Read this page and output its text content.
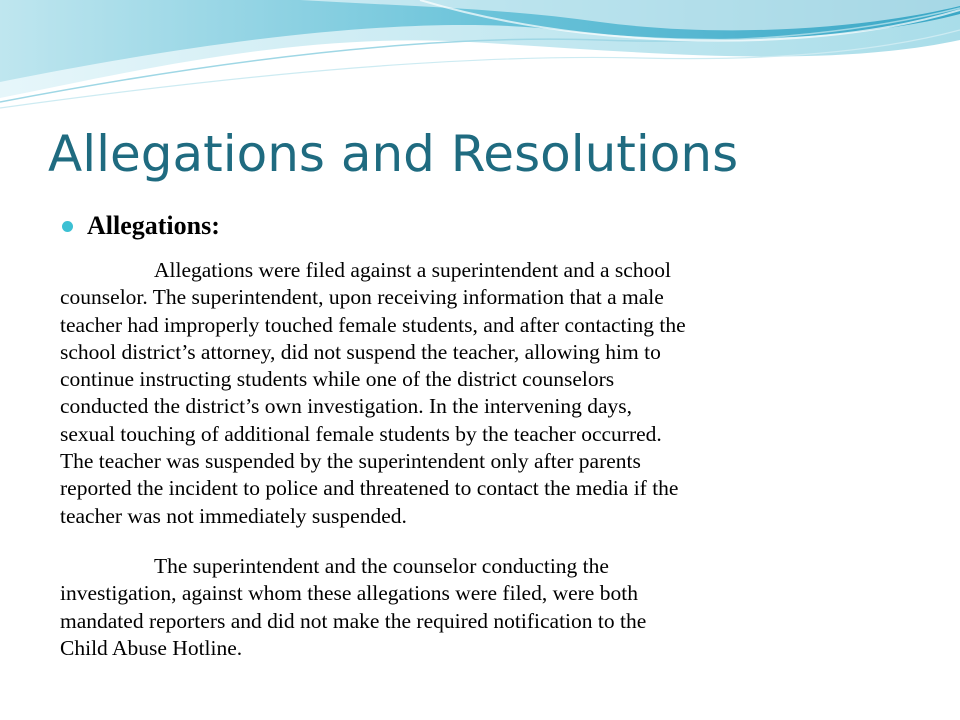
Allegations and Resolutions
Allegations:

Allegations were filed against a superintendent and a school
counselor. The superintendent, upon receiving information that a male
teacher had improperly touched female students, and after contacting the
school district’s attorney, did not suspend the teacher, allowing him to
continue instructing students while one of the district counselors
conducted the district’s own investigation. In the intervening days,
sexual touching of additional female students by the teacher occurred.
The teacher was suspended by the superintendent only after parents
reported the incident to police and threatened to contact the media if the
teacher was not immediately suspended.

The superintendent and the counselor conducting the
investigation, against whom these allegations were filed, were both
mandated reporters and did not make the required notification to the
Child Abuse Hotline.
